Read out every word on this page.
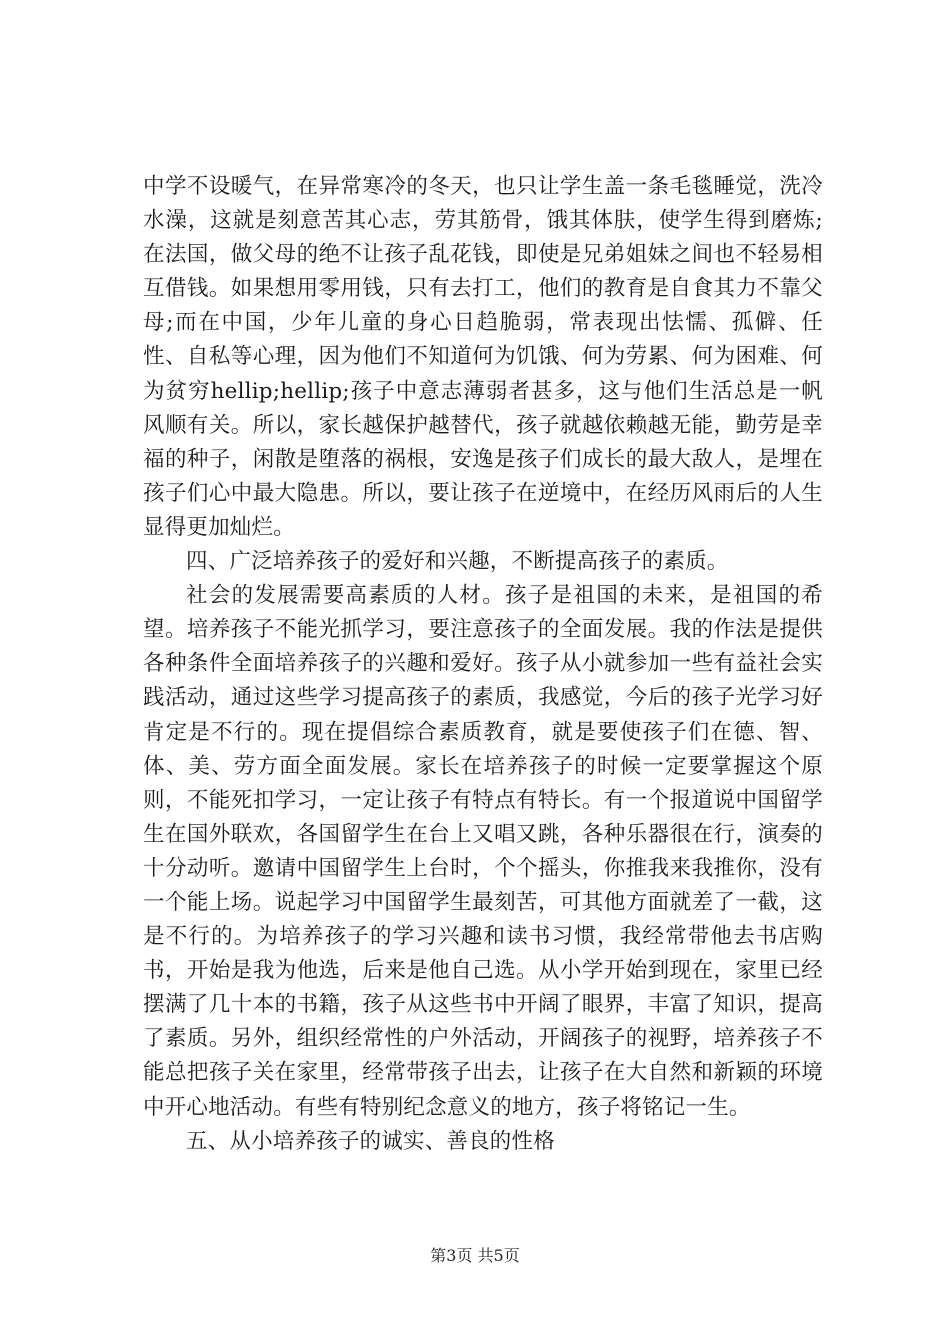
中学不设暖气，在异常寒冷的冬天，也只让学生盖一条毛毯睡觉，洗冷水澡，这就是刻意苦其心志，劳其筋骨，饿其体肤，使学生得到磨炼;在法国，做父母的绝不让孩子乱花钱，即使是兄弟姐妹之间也不轻易相互借钱。如果想用零用钱，只有去打工，他们的教育是自食其力不靠父母;而在中国，少年儿童的身心日趋脆弱，常表现出怯懦、孤僻、任性、自私等心理，因为他们不知道何为饥饿、何为劳累、何为困难、何为贫穷hellip;hellip;孩子中意志薄弱者甚多，这与他们生活总是一帆风顺有关。所以，家长越保护越替代，孩子就越依赖越无能，勤劳是幸福的种子，闲散是堕落的祸根，安逸是孩子们成长的最大敌人，是埋在孩子们心中最大隐患。所以，要让孩子在逆境中，在经历风雨后的人生显得更加灿烂。

四、广泛培养孩子的爱好和兴趣，不断提高孩子的素质。

社会的发展需要高素质的人材。孩子是祖国的未来，是祖国的希望。培养孩子不能光抓学习，要注意孩子的全面发展。我的作法是提供各种条件全面培养孩子的兴趣和爱好。孩子从小就参加一些有益社会实践活动，通过这些学习提高孩子的素质，我感觉，今后的孩子光学习好肯定是不行的。现在提倡综合素质教育，就是要使孩子们在德、智、体、美、劳方面全面发展。家长在培养孩子的时候一定要掌握这个原则，不能死扣学习，一定让孩子有特点有特长。有一个报道说中国留学生在国外联欢，各国留学生在台上又唱又跳，各种乐器很在行，演奏的十分动听。邀请中国留学生上台时，个个摇头，你推我来我推你，没有一个能上场。说起学习中国留学生最刻苦，可其他方面就差了一截，这是不行的。为培养孩子的学习兴趣和读书习惯，我经常带他去书店购书，开始是我为他选，后来是他自己选。从小学开始到现在，家里已经摆满了几十本的书籍，孩子从这些书中开阔了眼界，丰富了知识，提高了素质。另外，组织经常性的户外活动，开阔孩子的视野，培养孩子不能总把孩子关在家里，经常带孩子出去，让孩子在大自然和新颖的环境中开心地活动。有些有特别纪念意义的地方，孩子将铭记一生。

五、从小培养孩子的诚实、善良的性格

第3页 共5页
